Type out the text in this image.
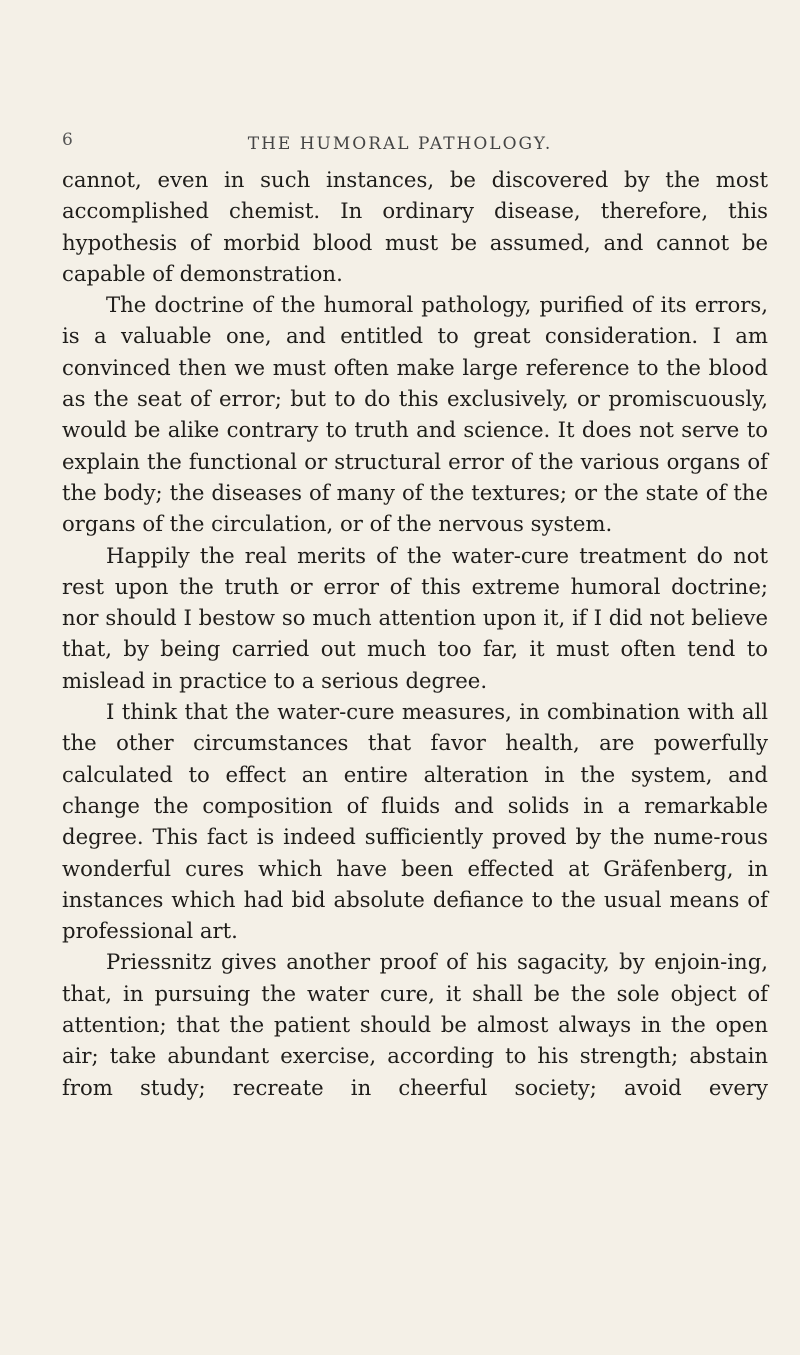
6	THE HUMORAL PATHOLOGY.

cannot, even in such instances, be discovered by the most accomplished chemist. In ordinary disease, therefore, this hypothesis of morbid blood must be assumed, and cannot be capable of demonstration.

The doctrine of the humoral pathology, purified of its errors, is a valuable one, and entitled to great consideration. I am convinced then we must often make large reference to the blood as the seat of error; but to do this exclusively, or promiscuously, would be alike contrary to truth and science. It does not serve to explain the functional or structural error of the various organs of the body; the diseases of many of the textures; or the state of the organs of the circulation, or of the nervous system.

Happily the real merits of the water-cure treatment do not rest upon the truth or error of this extreme humoral doctrine; nor should I bestow so much attention upon it, if I did not believe that, by being carried out much too far, it must often tend to mislead in practice to a serious degree.

I think that the water-cure measures, in combination with all the other circumstances that favor health, are powerfully calculated to effect an entire alteration in the system, and change the composition of fluids and solids in a remarkable degree. This fact is indeed sufficiently proved by the nume-rous wonderful cures which have been effected at Gräfenberg, in instances which had bid absolute defiance to the usual means of professional art.

Priessnitz gives another proof of his sagacity, by enjoin-ing, that, in pursuing the water cure, it shall be the sole object of attention; that the patient should be almost always in the open air; take abundant exercise, according to his strength; abstain from study; recreate in cheerful society; avoid every
